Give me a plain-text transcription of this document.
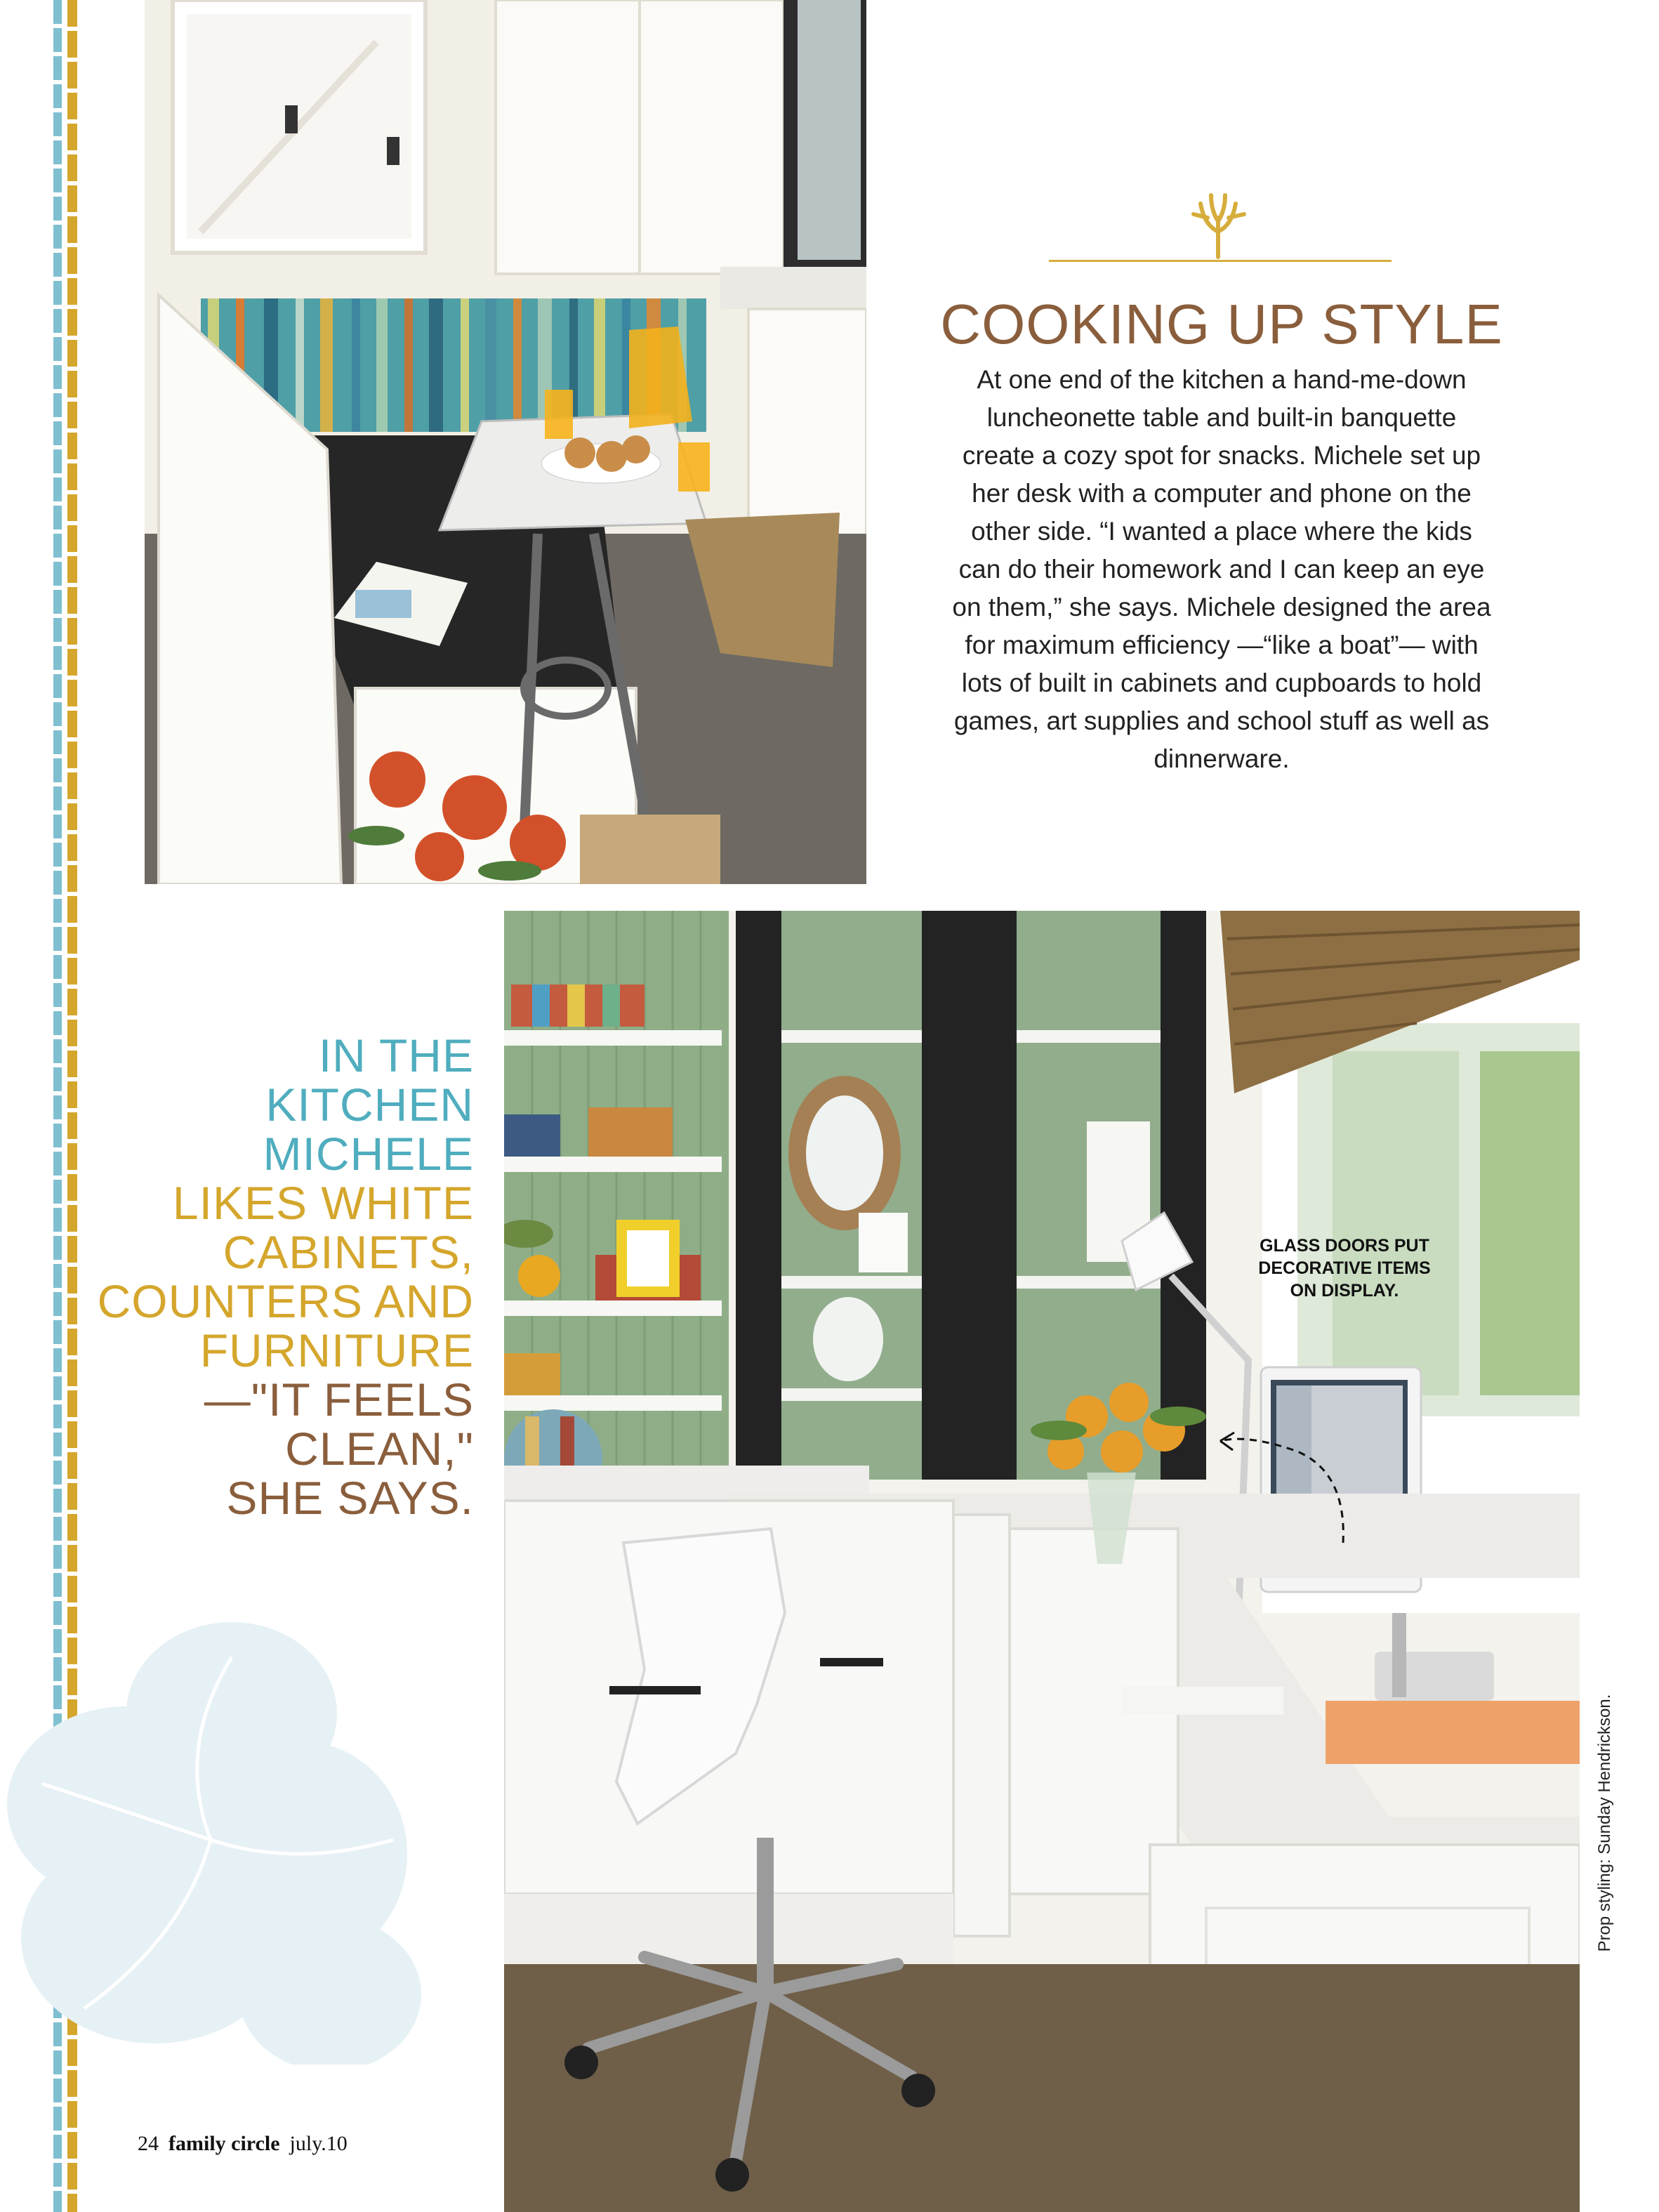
COOKING UP STYLE

At one end of the kitchen a hand-me-down luncheonette table and built-in banquette create a cozy spot for snacks. Michele set up her desk with a computer and phone on the other side. “I wanted a place where the kids can do their homework and I can keep an eye on them,” she says. Michele designed the area for maximum efficiency —“like a boat”— with lots of built in cabinets and cupboards to hold games, art supplies and school stuff as well as dinnerware.

IN THE
KITCHEN
MICHELE
LIKES WHITE
CABINETS,
COUNTERS AND
FURNITURE
—"IT FEELS
CLEAN,"
SHE SAYS.
GLASS DOORS PUT
DECORATIVE ITEMS
ON DISPLAY.
Prop styling: Sunday Hendrickson.
24 family circle july.10
